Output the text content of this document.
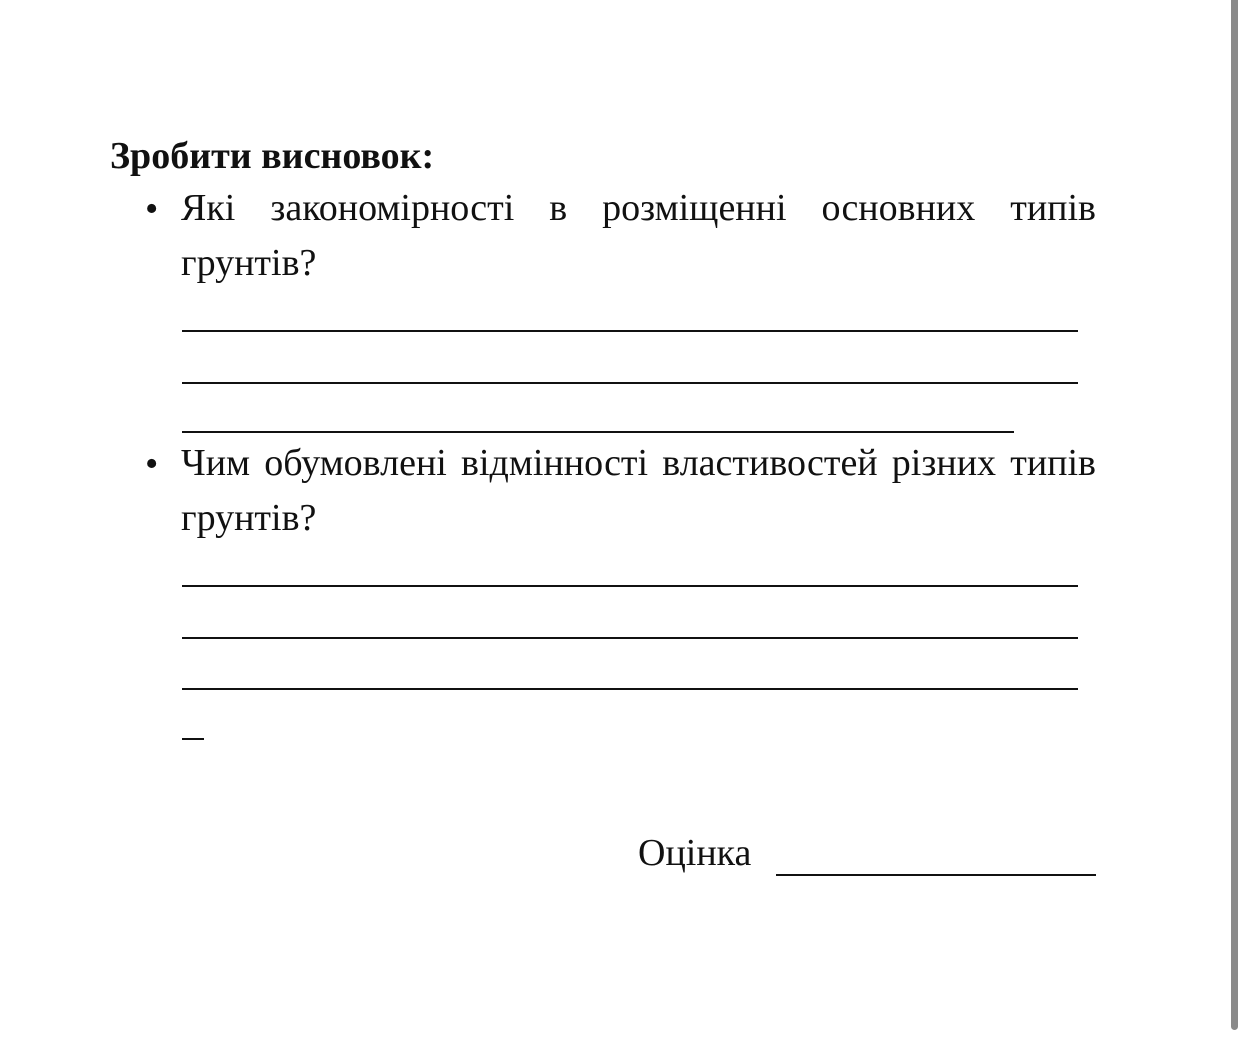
Зробити висновок:
• Які закономірності в розміщенні основних типів грунтів?
• Чим обумовлені відмінності властивостей різних типів грунтів?
Оцінка
